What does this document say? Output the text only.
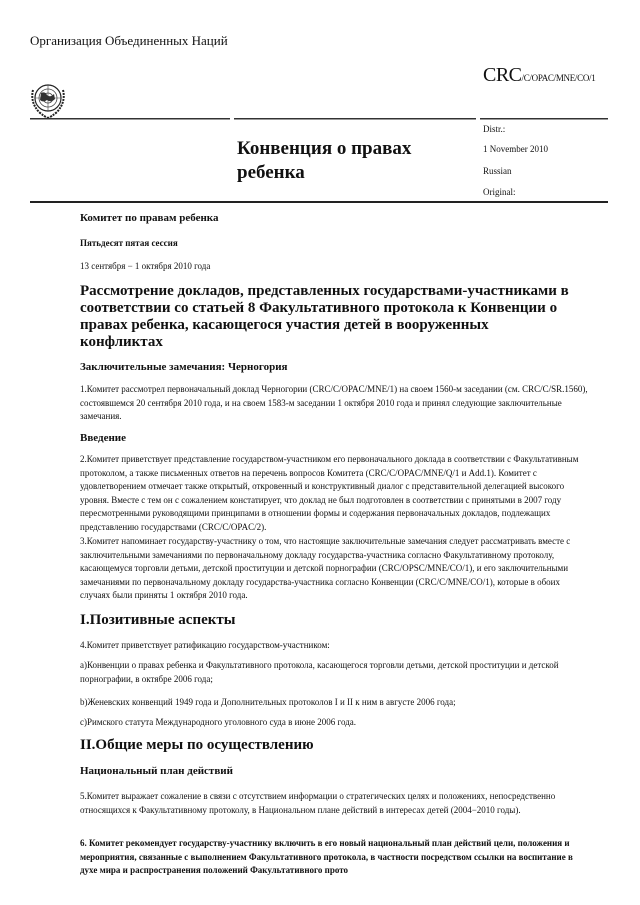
Организация Объединенных Наций
CRC/C/OPAC/MNE/CO/1
Конвенция о правах ребенка
Distr.:
1 November 2010
Russian
Original:
Комитет по правам ребенка
Пятьдесят пятая сессия
13 сентября − 1 октября 2010 года
Рассмотрение докладов, представленных государствами-участниками в соответствии со статьей 8 Факультативного протокола к Конвенции о правах ребенка, касающегося участия детей в вооруженных конфликтах
Заключительные замечания: Черногория
1.Комитет рассмотрел первоначальный доклад Черногории (CRC/C/OPAC/MNE/1) на своем 1560-м заседании (см. CRC/C/SR.1560), состоявшемся 20 сентября 2010 года, и на своем 1583-м заседании 1 октября 2010 года и принял следующие заключительные замечания.
Введение
2.Комитет приветствует представление государством-участником его первоначального доклада в соответствии с Факультативным протоколом, а также письменных ответов на перечень вопросов Комитета (CRC/C/OPAC/MNE/Q/1 и Add.1). Комитет с удовлетворением отмечает также открытый, откровенный и конструктивный диалог с представительной делегацией высокого уровня. Вместе с тем он с сожалением констатирует, что доклад не был подготовлен в соответствии с принятыми в 2007 году пересмотренными руководящими принципами в отношении формы и содержания первоначальных докладов, подлежащих представлению государствами (CRC/C/OPAC/2).
3.Комитет напоминает государству-участнику о том, что настоящие заключительные замечания следует рассматривать вместе с заключительными замечаниями по первоначальному докладу государства-участника согласно Факультативному протоколу, касающемуся торговли детьми, детской проституции и детской порнографии (CRC/OPSC/MNE/CO/1), и его заключительными замечаниями по первоначальному докладу государства-участника согласно Конвенции (CRC/C/MNE/CO/1), которые в обоих случаях были приняты 1 октября 2010 года.
I.Позитивные аспекты
4.Комитет приветствует ратификацию государством-участником:
a)Конвенции о правах ребенка и Факультативного протокола, касающегося торговли детьми, детской проституции и детской порнографии, в октябре 2006 года;
b)Женевских конвенций 1949 года и Дополнительных протоколов I и II к ним в августе 2006 года;
c)Римского статута Международного уголовного суда в июне 2006 года.
II.Общие меры по осуществлению
Национальный план действий
5.Комитет выражает сожаление в связи с отсутствием информации о стратегических целях и положениях, непосредственно относящихся к Факультативному протоколу, в Национальном плане действий в интересах детей (2004−2010 годы).
6. Комитет рекомендует государству-участнику включить в его новый национальный план действий цели, положения и мероприятия, связанные с выполнением Факультативного протокола, в частности посредством ссылки на воспитание в духе мира и распространения положений Факультативного прото
